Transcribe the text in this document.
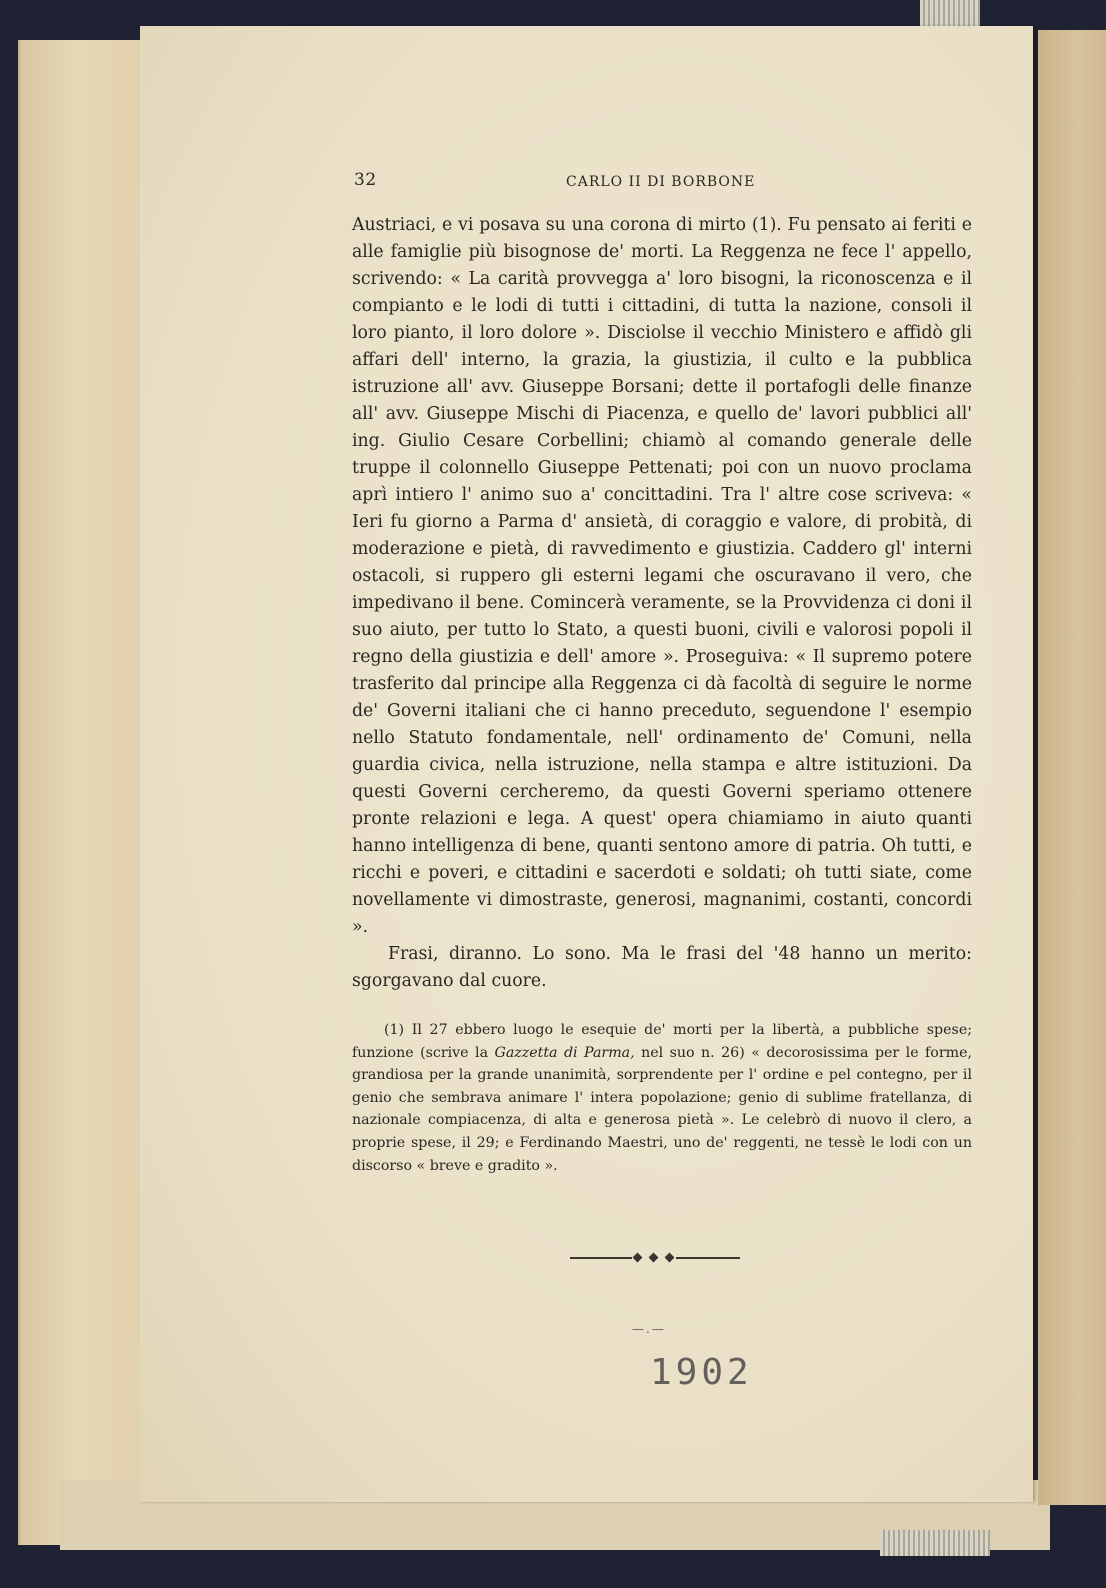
32	CARLO II DI BORBONE

Austriaci, e vi posava su una corona di mirto (1). Fu pensato ai feriti e alle famiglie più bisognose de' morti. La Reggenza ne fece l' appello, scrivendo: « La carità provvegga a' loro bisogni, la riconoscenza e il compianto e le lodi di tutti i cittadini, di tutta la nazione, consoli il loro pianto, il loro dolore ». Disciolse il vecchio Ministero e affidò gli affari dell' interno, la grazia, la giustizia, il culto e la pubblica istruzione all' avv. Giuseppe Borsani; dette il portafogli delle finanze all' avv. Giuseppe Mischi di Piacenza, e quello de' lavori pubblici all' ing. Giulio Cesare Corbellini; chiamò al comando generale delle truppe il colonnello Giuseppe Pettenati; poi con un nuovo proclama aprì intiero l' animo suo a' concittadini. Tra l' altre cose scriveva: « Ieri fu giorno a Parma d' ansietà, di coraggio e valore, di probità, di moderazione e pietà, di ravvedimento e giustizia. Caddero gl' interni ostacoli, si ruppero gli esterni legami che oscuravano il vero, che impedivano il bene. Comincerà veramente, se la Provvidenza ci doni il suo aiuto, per tutto lo Stato, a questi buoni, civili e valorosi popoli il regno della giustizia e dell' amore ». Proseguiva: « Il supremo potere trasferito dal principe alla Reggenza ci dà facoltà di seguire le norme de' Governi italiani che ci hanno preceduto, seguendone l' esempio nello Statuto fondamentale, nell' ordinamento de' Comuni, nella guardia civica, nella istruzione, nella stampa e altre istituzioni. Da questi Governi cercheremo, da questi Governi speriamo ottenere pronte relazioni e lega. A quest' opera chiamiamo in aiuto quanti hanno intelligenza di bene, quanti sentono amore di patria. Oh tutti, e ricchi e poveri, e cittadini e sacerdoti e soldati; oh tutti siate, come novellamente vi dimostraste, generosi, magnanimi, costanti, concordi ».

Frasi, diranno. Lo sono. Ma le frasi del '48 hanno un merito: sgorgavano dal cuore.

(1) Il 27 ebbero luogo le esequie de' morti per la libertà, a pubbliche spese; funzione (scrive la Gazzetta di Parma, nel suo n. 26) « decorosissima per le forme, grandiosa per la grande unanimità, sorprendente per l' ordine e pel contegno, per il genio che sembrava animare l' intera popolazione; genio di sublime fratellanza, di nazionale compiacenza, di alta e generosa pietà ». Le celebrò di nuovo il clero, a proprie spese, il 29; e Ferdinando Maestri, uno de' reggenti, ne tessè le lodi con un discorso « breve e gradito ».

—.—
1902
